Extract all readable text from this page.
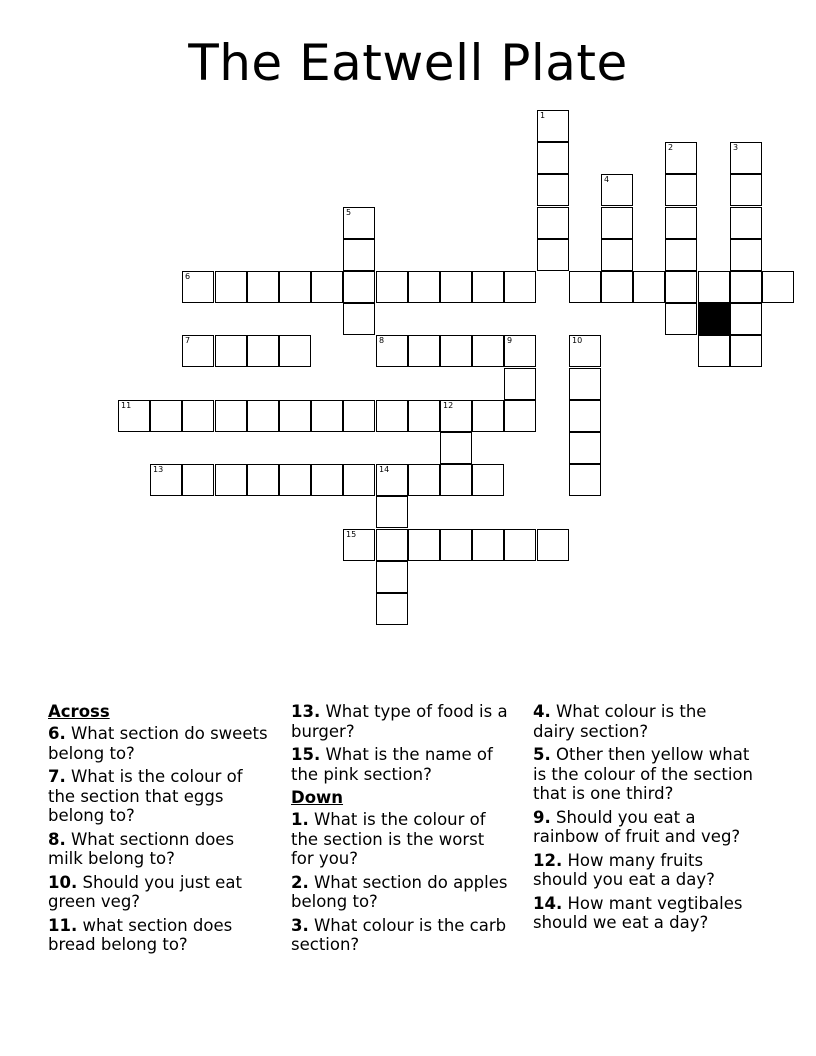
The Eatwell Plate
1
2	3
4
5
6
7	8	9	10
11	12
13	14
15
Across
6. What section do sweets belong to?
7. What is the colour of the section that eggs belong to?
8. What sectionn does milk belong to?
10. Should you just eat green veg?
11. what section does bread belong to?
13. What type of food is a burger?
15. What is the name of the pink section?
Down
1. What is the colour of the section is the worst for you?
2. What section do apples belong to?
3. What colour is the carb section?
4. What colour is the dairy section?
5. Other then yellow what is the colour of the section that is one third?
9. Should you eat a rainbow of fruit and veg?
12. How many fruits should you eat a day?
14. How mant vegtibales should we eat a day?
